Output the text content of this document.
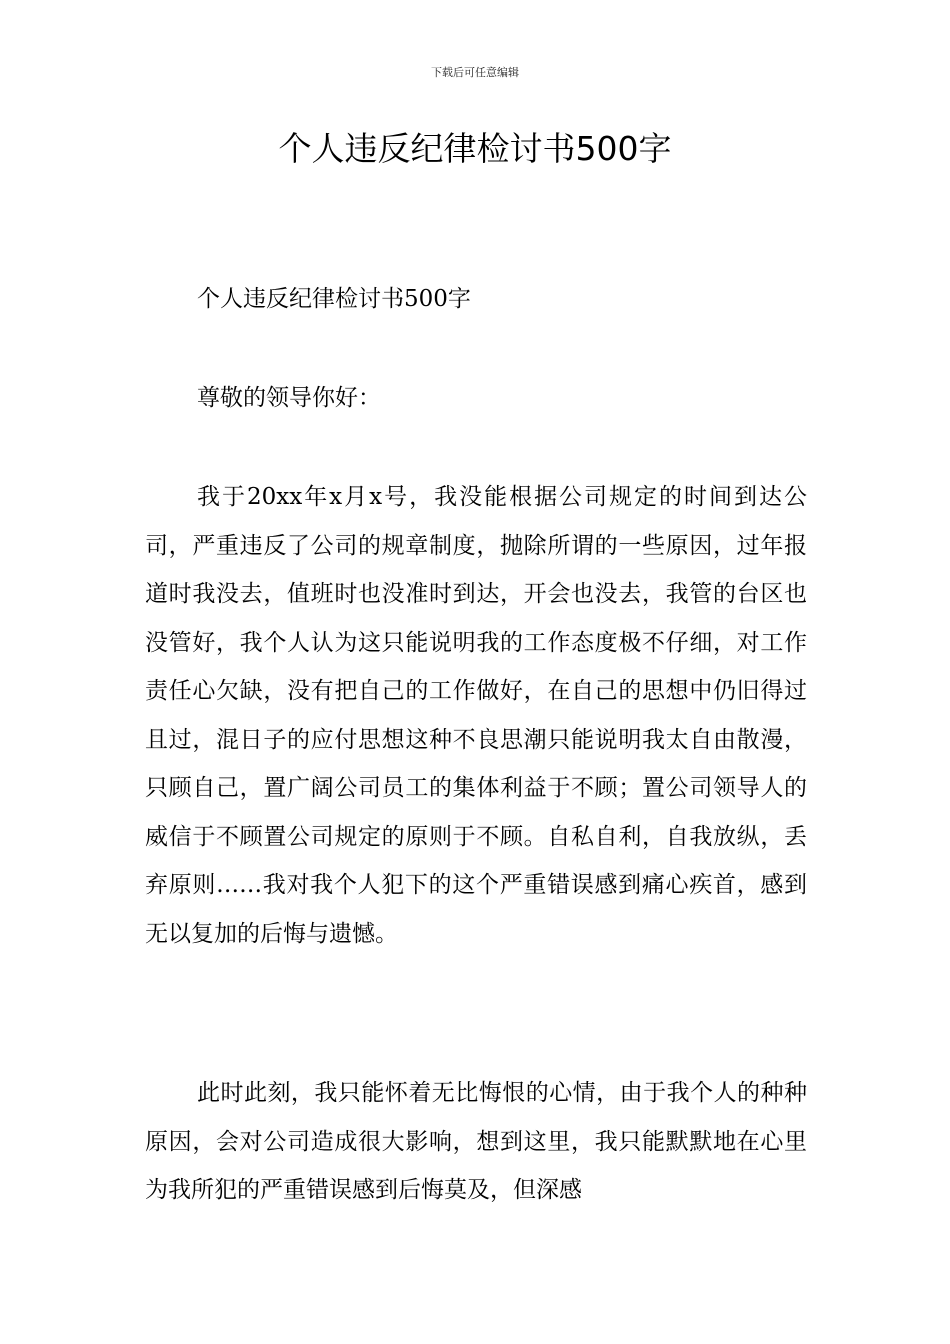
下载后可任意编辑
个人违反纪律检讨书500字

个人违反纪律检讨书500字

尊敬的领导你好：

我于20xx年x月x号，我没能根据公司规定的时间到达公司，严重违反了公司的规章制度，抛除所谓的一些原因，过年报道时我没去，值班时也没准时到达，开会也没去，我管的台区也没管好，我个人认为这只能说明我的工作态度极不仔细，对工作责任心欠缺，没有把自己的工作做好，在自己的思想中仍旧得过且过，混日子的应付思想这种不良思潮只能说明我太自由散漫，只顾自己，置广阔公司员工的集体利益于不顾；置公司领导人的威信于不顾置公司规定的原则于不顾。自私自利，自我放纵，丢弃原则……我对我个人犯下的这个严重错误感到痛心疾首，感到无以复加的后悔与遗憾。

此时此刻，我只能怀着无比悔恨的心情，由于我个人的种种原因，会对公司造成很大影响，想到这里，我只能默默地在心里为我所犯的严重错误感到后悔莫及，但深感
